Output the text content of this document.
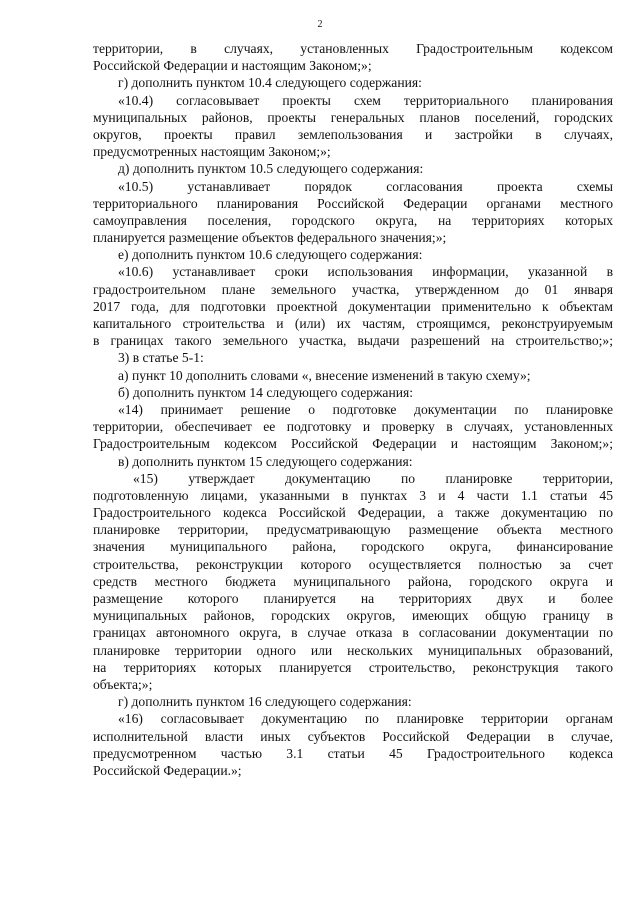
2
территории, в случаях, установленных Градостроительным кодексом
Российской Федерации и настоящим Законом;»;
г) дополнить пунктом 10.4 следующего содержания:
«10.4) согласовывает проекты схем территориального планирования
муниципальных районов, проекты генеральных планов поселений, городских
округов, проекты правил землепользования и застройки в случаях,
предусмотренных настоящим Законом;»;
д) дополнить пунктом 10.5 следующего содержания:
«10.5) устанавливает порядок согласования проекта схемы
территориального планирования Российской Федерации органами местного
самоуправления поселения, городского округа, на территориях которых
планируется размещение объектов федерального значения;»;
е) дополнить пунктом 10.6 следующего содержания:
«10.6) устанавливает сроки использования информации, указанной в
градостроительном плане земельного участка, утвержденном до 01 января
2017 года, для подготовки проектной документации применительно к объектам
капитального строительства и (или) их частям, строящимся, реконструируемым
в границах такого земельного участка, выдачи разрешений на строительство;»;
3) в статье 5-1:
а) пункт 10 дополнить словами «, внесение изменений в такую схему»;
б) дополнить пунктом 14 следующего содержания:
«14) принимает решение о подготовке документации по планировке
территории, обеспечивает ее подготовку и проверку в случаях, установленных
Градостроительным кодексом Российской Федерации и настоящим Законом;»;
в) дополнить пунктом 15 следующего содержания:
«15) утверждает документацию по планировке территории,
подготовленную лицами, указанными в пунктах 3 и 4 части 1.1 статьи 45
Градостроительного кодекса Российской Федерации, а также документацию по
планировке территории, предусматривающую размещение объекта местного
значения муниципального района, городского округа, финансирование
строительства, реконструкции которого осуществляется полностью за счет
средств местного бюджета муниципального района, городского округа и
размещение которого планируется на территориях двух и более
муниципальных районов, городских округов, имеющих общую границу в
границах автономного округа, в случае отказа в согласовании документации по
планировке территории одного или нескольких муниципальных образований,
на территориях которых планируется строительство, реконструкция такого
объекта;»;
г) дополнить пунктом 16 следующего содержания:
«16) согласовывает документацию по планировке территории органам
исполнительной власти иных субъектов Российской Федерации в случае,
предусмотренном частью 3.1 статьи 45 Градостроительного кодекса
Российской Федерации.»;
